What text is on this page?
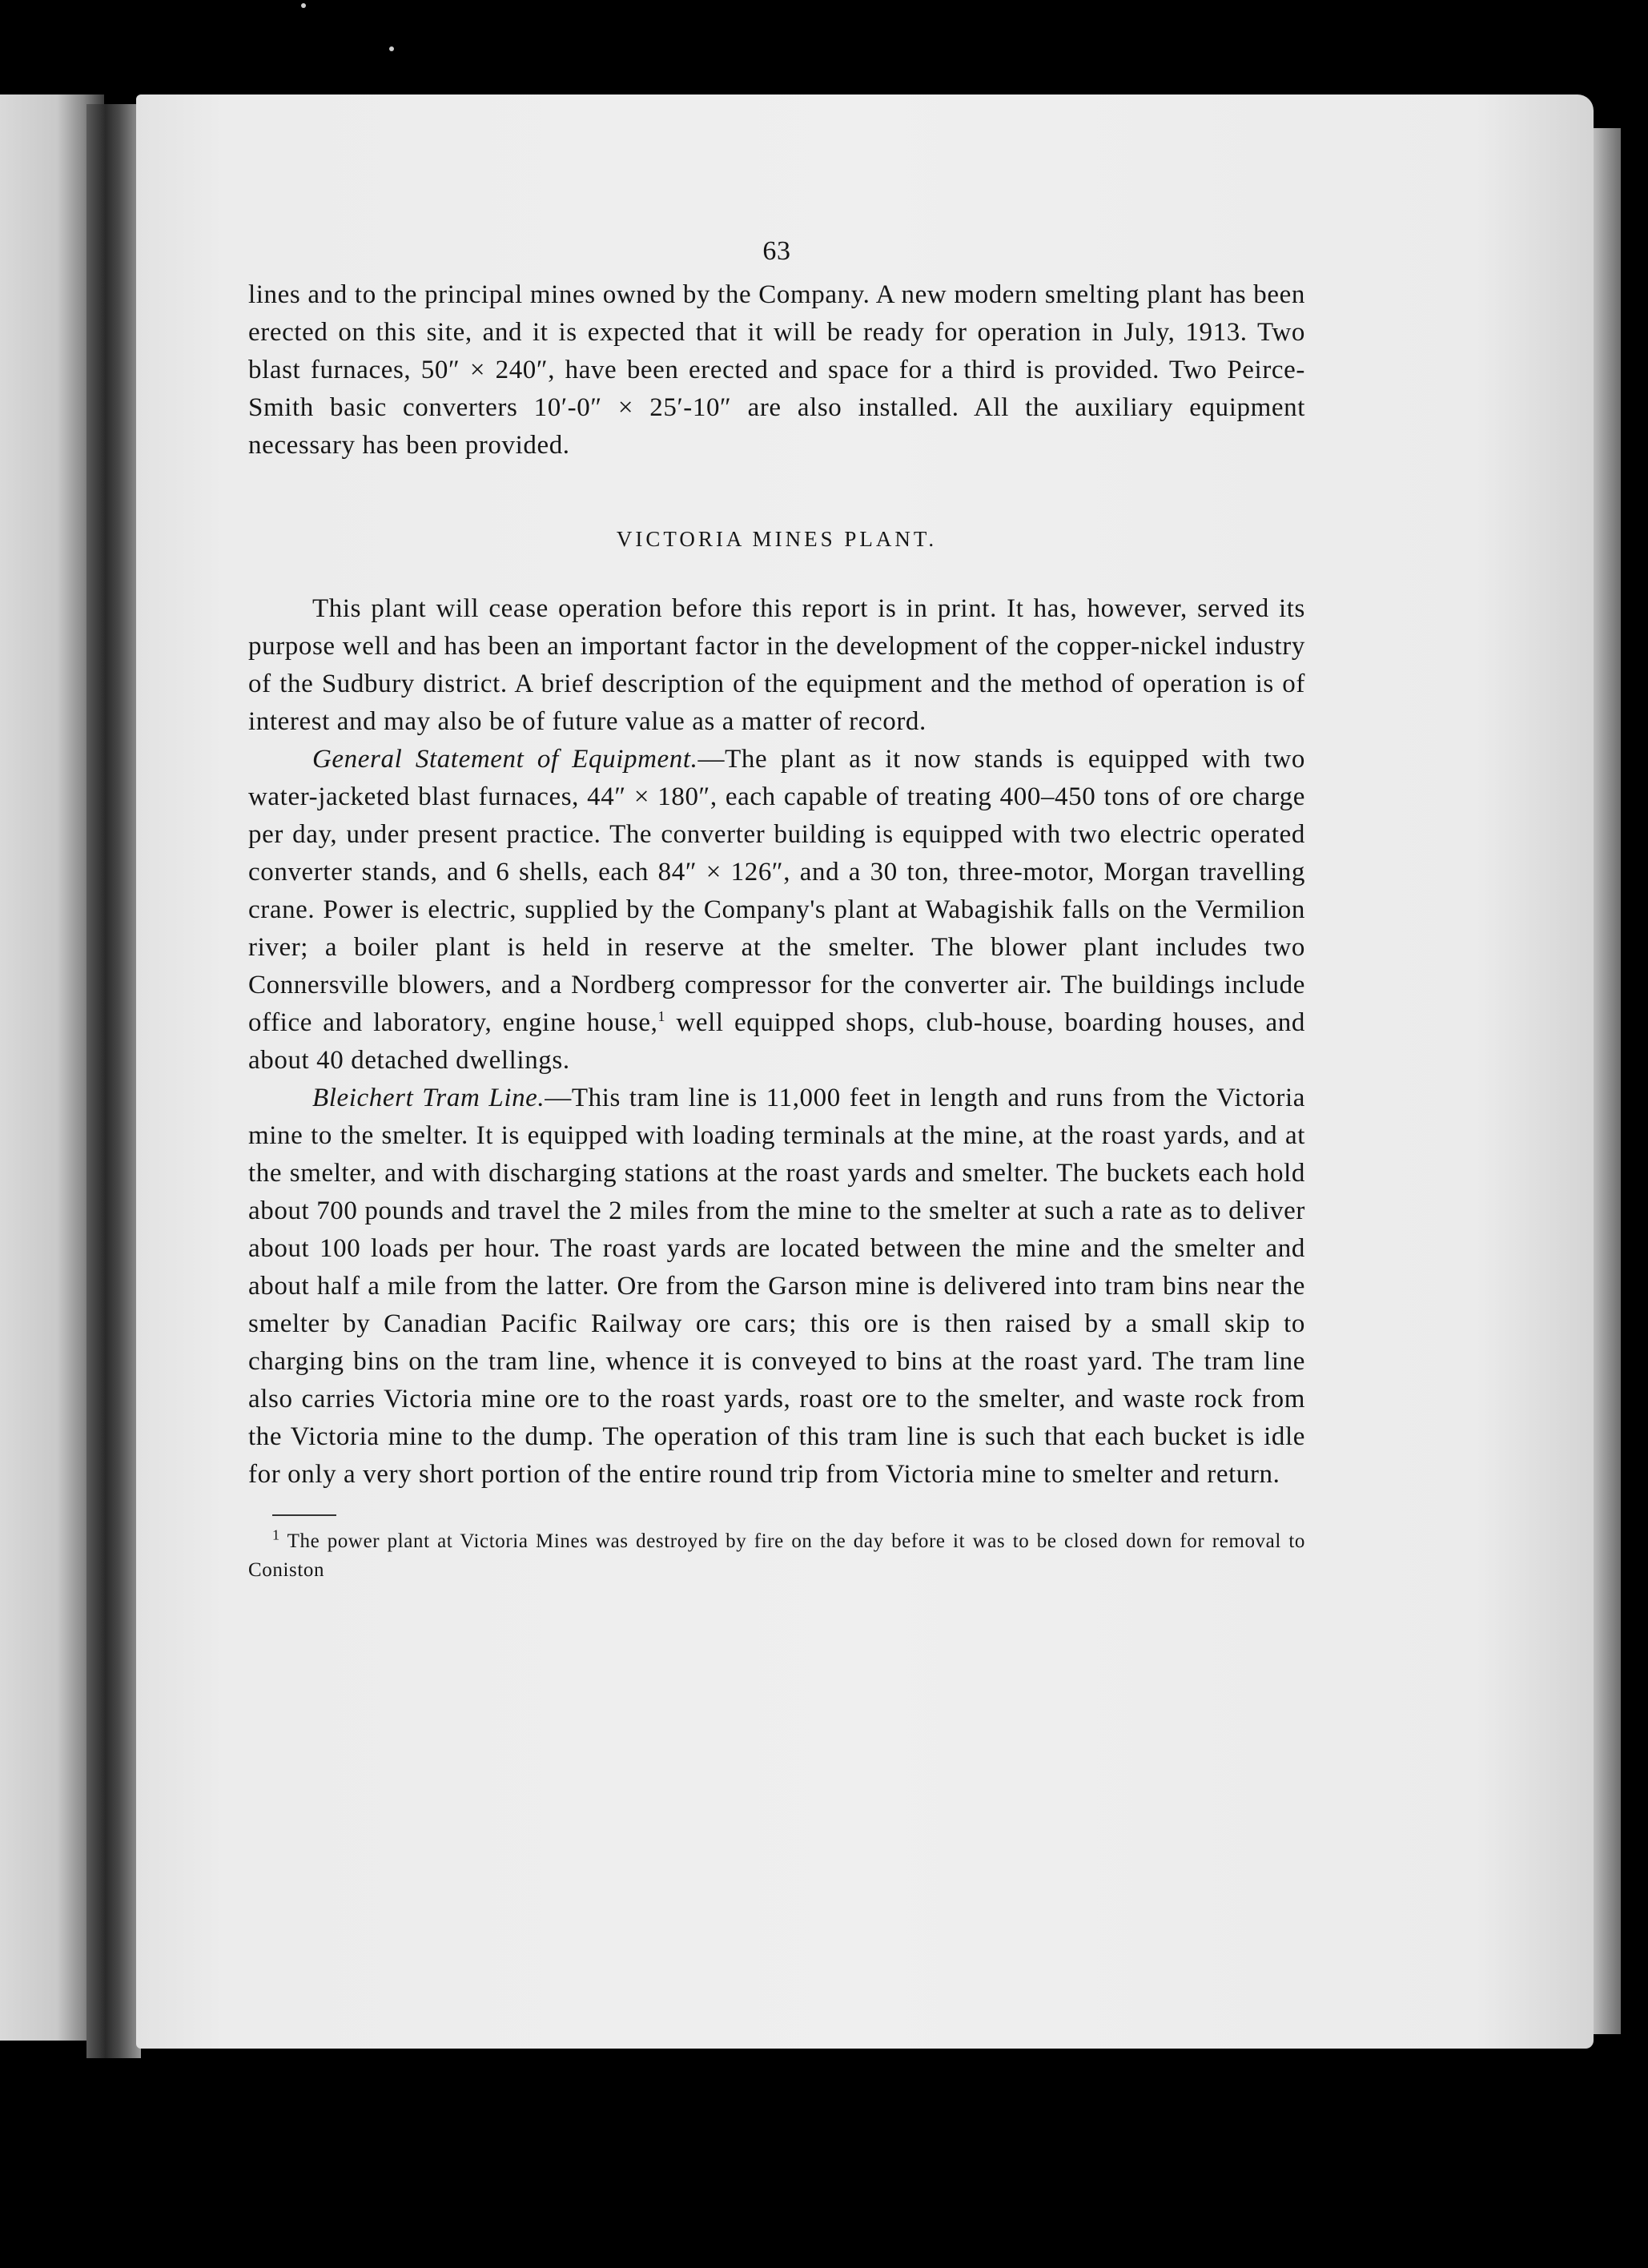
63

lines and to the principal mines owned by the Company. A new modern smelting plant has been erected on this site, and it is expected that it will be ready for operation in July, 1913. Two blast furnaces, 50″ × 240″, have been erected and space for a third is provided. Two Peirce-Smith basic converters 10′-0″ × 25′-10″ are also installed. All the auxiliary equipment necessary has been provided.

VICTORIA MINES PLANT.

This plant will cease operation before this report is in print. It has, however, served its purpose well and has been an important factor in the development of the copper-nickel industry of the Sudbury district. A brief description of the equipment and the method of operation is of interest and may also be of future value as a matter of record.

General Statement of Equipment.—The plant as it now stands is equipped with two water-jacketed blast furnaces, 44″ × 180″, each capable of treating 400–450 tons of ore charge per day, under present practice. The converter building is equipped with two electric operated converter stands, and 6 shells, each 84″ × 126″, and a 30 ton, three-motor, Morgan travelling crane. Power is electric, supplied by the Company's plant at Wabagishik falls on the Vermilion river; a boiler plant is held in reserve at the smelter. The blower plant includes two Connersville blowers, and a Nordberg compressor for the converter air. The buildings include office and laboratory, engine house,$^1$ well equipped shops, club-house, boarding houses, and about 40 detached dwellings.

Bleichert Tram Line.—This tram line is 11,000 feet in length and runs from the Victoria mine to the smelter. It is equipped with loading terminals at the mine, at the roast yards, and at the smelter, and with discharging stations at the roast yards and smelter. The buckets each hold about 700 pounds and travel the 2 miles from the mine to the smelter at such a rate as to deliver about 100 loads per hour. The roast yards are located between the mine and the smelter and about half a mile from the latter. Ore from the Garson mine is delivered into tram bins near the smelter by Canadian Pacific Railway ore cars; this ore is then raised by a small skip to charging bins on the tram line, whence it is conveyed to bins at the roast yard. The tram line also carries Victoria mine ore to the roast yards, roast ore to the smelter, and waste rock from the Victoria mine to the dump. The operation of this tram line is such that each bucket is idle for only a very short portion of the entire round trip from Victoria mine to smelter and return.

$^1$ The power plant at Victoria Mines was destroyed by fire on the day before it was to be closed down for removal to Coniston
